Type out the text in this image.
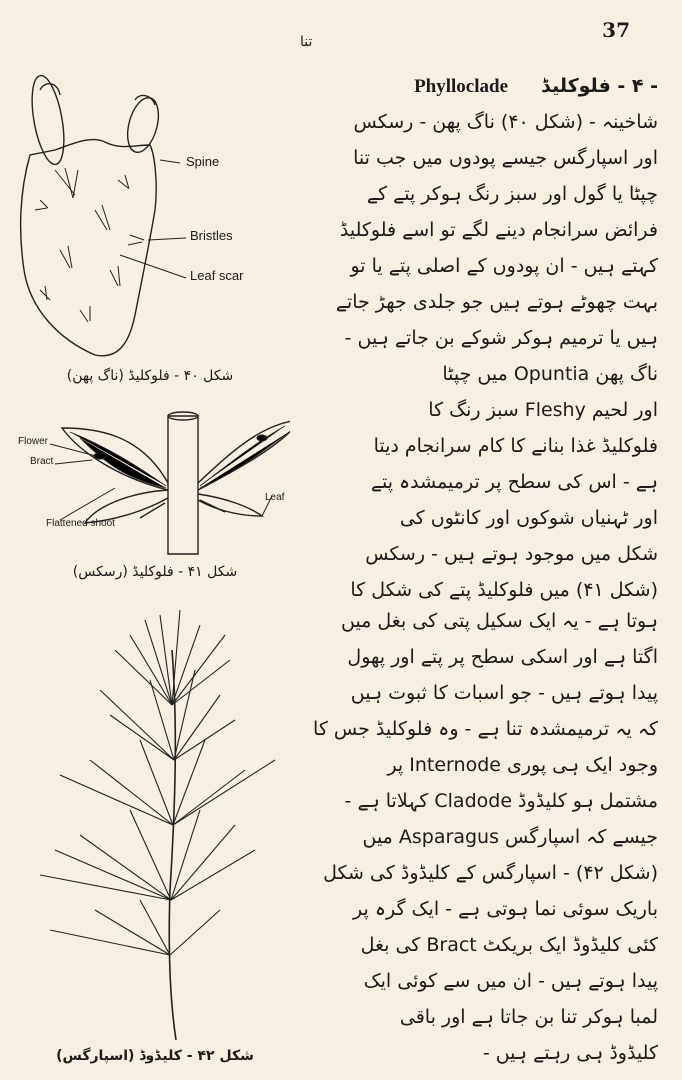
37
تنا
- ۴ - فلوکلیڈ     Phylloclade
شاخینہ - (شکل ۴۰) ناگ پھن - رسکس
اور اسپارگس جیسے پودوں میں جب تنا
چپٹا یا گول اور سبز رنگ ہوکر پتے کے
فرائض سرانجام دینے لگے تو اسے فلوکلیڈ
کہتے ہیں - ان پودوں کے اصلی پتے یا تو
بہت چھوٹے ہوتے ہیں جو جلدی جھڑ جاتے
ہیں یا ترمیم ہوکر شوکے بن جاتے ہیں -
ناگ پھن Opuntia میں چپٹا
اور لحیم Fleshy سبز رنگ کا
فلوکلیڈ غذا بنانے کا کام سرانجام دیتا
ہے - اس کی سطح پر ترمیمشدہ پتے
اور ٹہنیاں شوکوں اور کانٹوں کی
شکل میں موجود ہوتے ہیں - رسکس
(شکل ۴۱) میں فلوکلیڈ پتے کی شکل کا
ہوتا ہے - یہ ایک سکیل پتی کی بغل میں
اگتا ہے اور اسکی سطح پر پتے اور پھول
پیدا ہوتے ہیں - جو اسبات کا ثبوت ہیں
کہ یہ ترمیمشدہ تنا ہے - وہ فلوکلیڈ جس کا
وجود ایک ہی پوری Internode پر
مشتمل ہو کلیڈوڈ Cladode کہلاتا ہے -
جیسے کہ اسپارگس Asparagus میں
(شکل ۴۲) - اسپارگس کے کلیڈوڈ کی شکل
باریک سوئی نما ہوتی ہے - ایک گرہ پر
کئی کلیڈوڈ ایک بریکٹ Bract کی بغل
پیدا ہوتے ہیں - ان میں سے کوئی ایک
لمبا ہوکر تنا بن جاتا ہے اور باقی
کلیڈوڈ ہی رہتے ہیں -
Spine
Bristles
Leaf scar
شکل ۴۰ - فلوکلیڈ (ناگ پھن)
Flower
Bract
Leaf
Flattened shoot
شکل ۴۱ - فلوکلیڈ (رسکس)
شکل ۴۲ - کلیڈوڈ (اسپارگس)
